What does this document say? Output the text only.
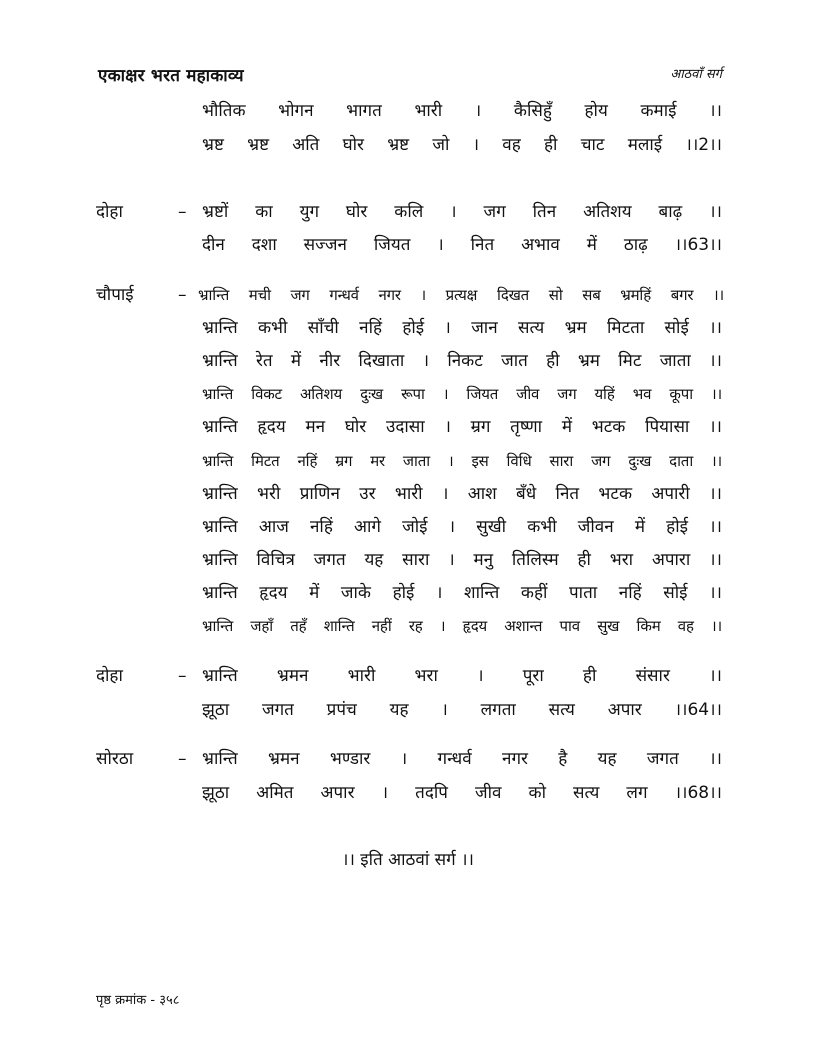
एकाक्षर भरत महाकाव्य	आठवाँ सर्ग
भौतिक भोगन भागत भारी । कैसिहुँ होय कमाई ।।
भ्रष्ट भ्रष्ट अति घोर भ्रष्ट जो । वह ही चाट मलाई ।।2।।
दोहा	– भ्रष्टों का युग घोर कलि । जग तिन अतिशय बाढ़ ।।
दीन दशा सज्जन जियत । नित अभाव में ठाढ़ ।।63।।
चौपाई	– भ्रान्ति मची जग गन्धर्व नगर । प्रत्यक्ष दिखत सो सब भ्रमहिं बगर ।।
भ्रान्ति कभी साँची नहिं होई । जान सत्य भ्रम मिटता सोई ।।
भ्रान्ति रेत में नीर दिखाता । निकट जात ही भ्रम मिट जाता ।।
भ्रान्ति विकट अतिशय दुःख रूपा । जियत जीव जग यहिं भव कूपा ।।
भ्रान्ति हृदय मन घोर उदासा । म्रग तृष्णा में भटक पियासा ।।
भ्रान्ति मिटत नहिं म्रग मर जाता । इस विधि सारा जग दुःख दाता ।।
भ्रान्ति भरी प्राणिन उर भारी । आश बँधे नित भटक अपारी ।।
भ्रान्ति आज नहिं आगे जोई । सुखी कभी जीवन में होई ।।
भ्रान्ति विचित्र जगत यह सारा । मनु तिलिस्म ही भरा अपारा ।।
भ्रान्ति हृदय में जाके होई । शान्ति कहीं पाता नहिं सोई ।।
भ्रान्ति जहाँ तहँ शान्ति नहीं रह । हृदय अशान्त पाव सुख किम वह ।।
दोहा	– भ्रान्ति भ्रमन भारी भरा । पूरा ही संसार ।।
झूठा जगत प्रपंच यह । लगता सत्य अपार ।।64।।
सोरठा	– भ्रान्ति भ्रमन भण्डार । गन्धर्व नगर है यह जगत ।।
झूठा अमित अपार । तदपि जीव को सत्य लग ।।68।।
।। इति आठवां सर्ग ।।
पृष्ठ क्रमांक - ३५८
